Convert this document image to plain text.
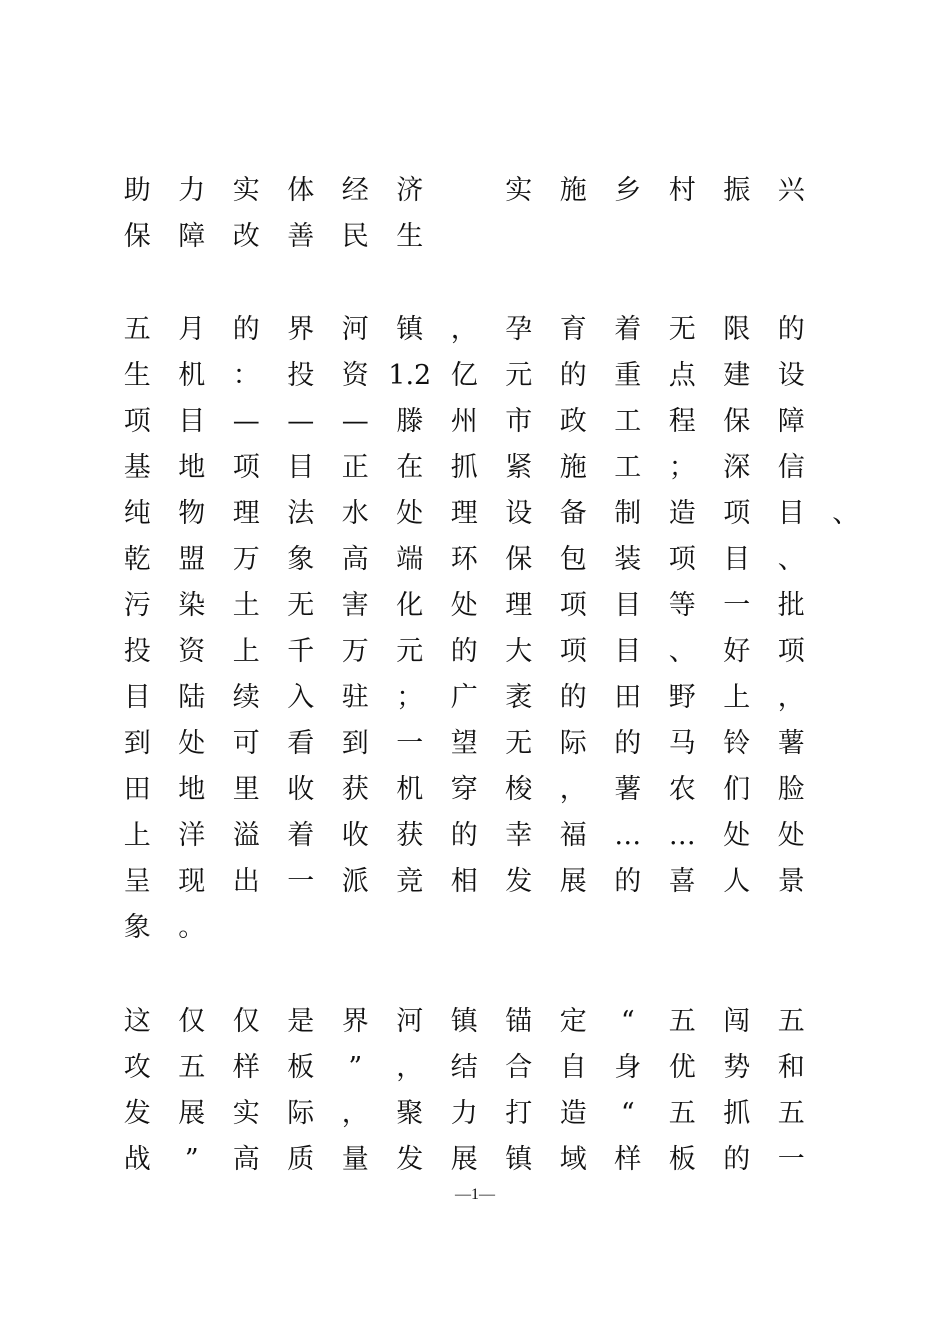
助	力	实	体	经	济	实	施	乡	村	振	兴
保	障	改	善	民	生
五	月	的	界	河	镇	，	孕	育	着	无	限	的
生	机	：	投	资 1.2 亿	元	的	重	点	建	设
项	目	—	—	—	滕	州	市	政	工	程	保	障
基	地	项	目	正	在	抓	紧	施	工	；	深	信
纯	物	理	法	水	处	理	设	备	制	造	项	目	、
乾	盟	万	象	高	端	环	保	包	装	项	目	、
污	染	土	无	害	化	处	理	项	目	等	一	批
投	资	上	千	万	元	的	大	项	目	、	好	项
目	陆	续	入	驻	；	广	袤	的	田	野	上	，
到	处	可	看	到	一	望	无	际	的	马	铃	薯
田	地	里	收	获	机	穿	梭	，	薯	农	们	脸
上	洋	溢	着	收	获	的	幸	福	…	…	处	处
呈	现	出	一	派	竞	相	发	展	的	喜	人	景
象	。
这	仅	仅	是	界	河	镇	锚	定	“	五	闯	五
攻	五	样	板	”	，	结	合	自	身	优	势	和
发	展	实	际	，	聚	力	打	造	“	五	抓	五
战	”	高	质	量	发	展	镇	域	样	板	的	一
—1—
